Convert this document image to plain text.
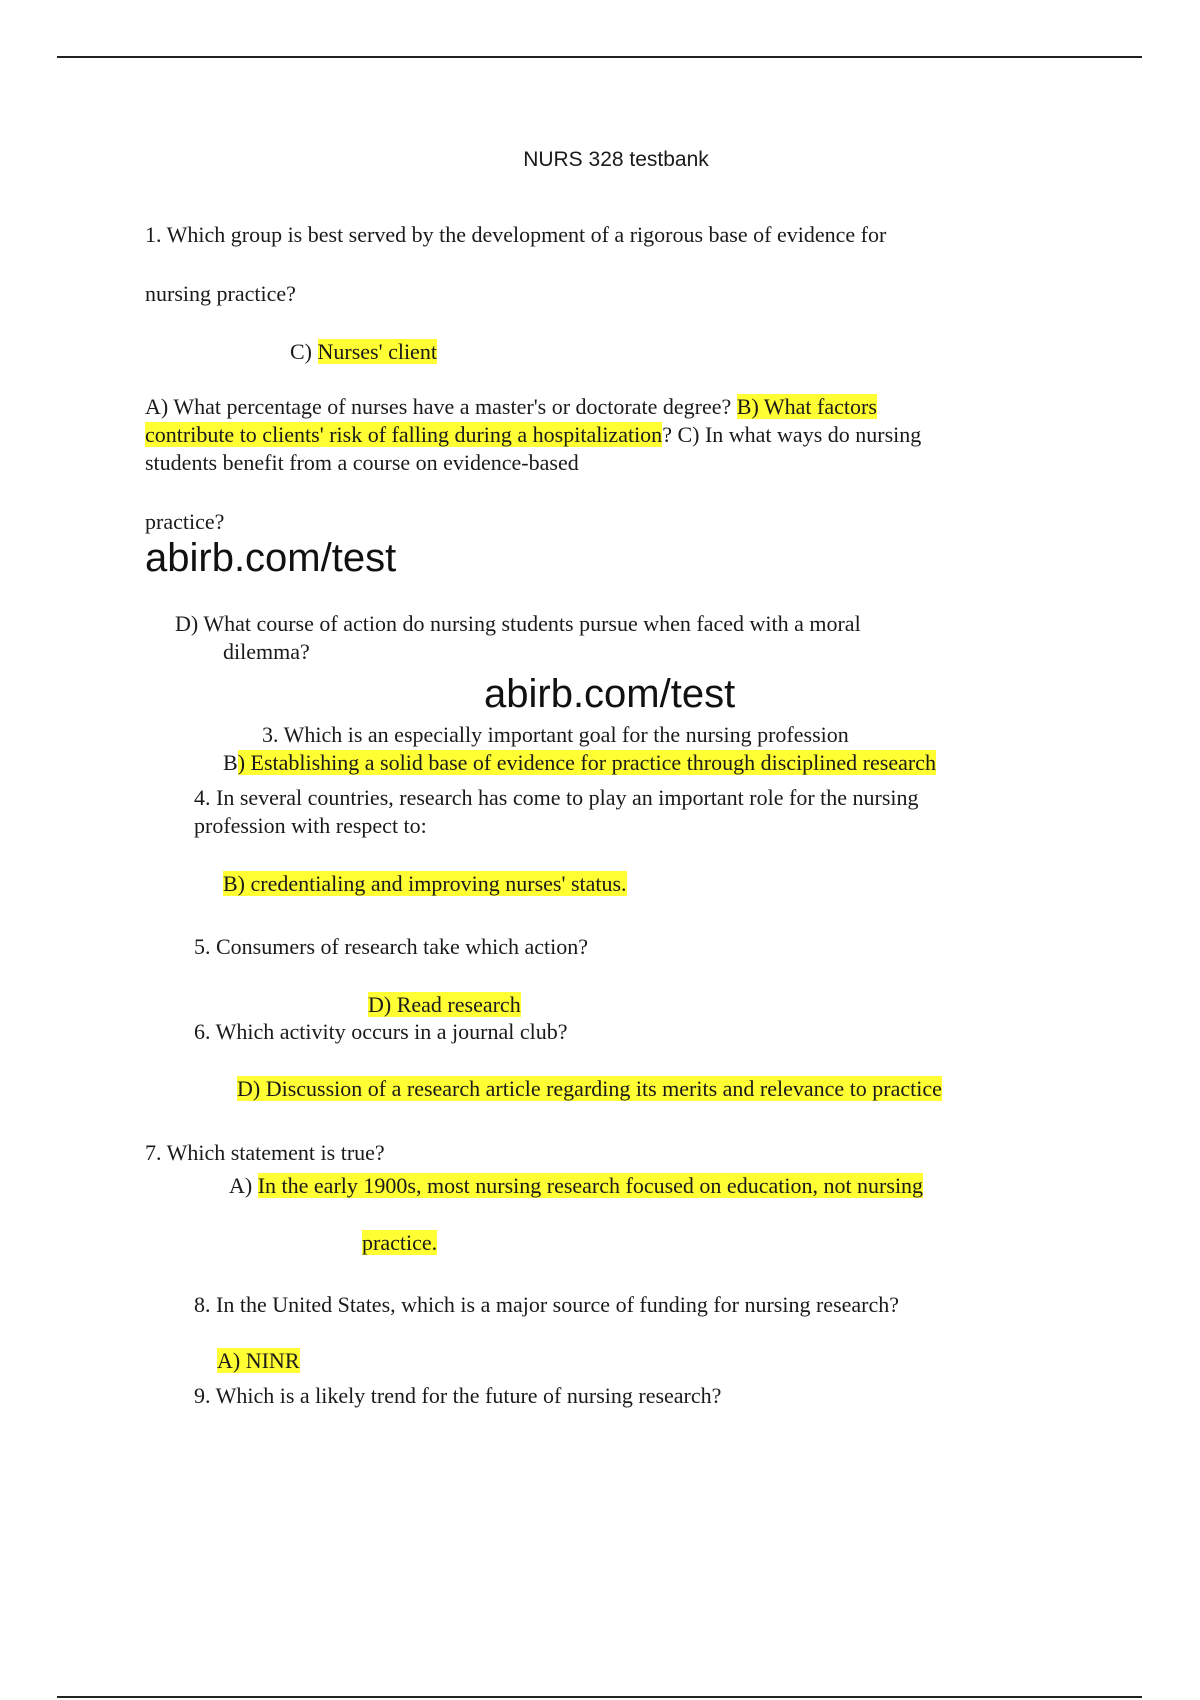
NURS 328 testbank
1. Which group is best served by the development of a rigorous base of evidence for
nursing practice?
C) Nurses' client
A) What percentage of nurses have a master's or doctorate degree? B) What factors
contribute to clients' risk of falling during a hospitalization? C) In what ways do nursing
students benefit from a course on evidence-based
practice?
abirb.com/test
D) What course of action do nursing students pursue when faced with a moral
dilemma?
abirb.com/test
3. Which is an especially important goal for the nursing profession
B) Establishing a solid base of evidence for practice through disciplined research
4. In several countries, research has come to play an important role for the nursing
profession with respect to:
B) credentialing and improving nurses' status.
5. Consumers of research take which action?
D) Read research
6. Which activity occurs in a journal club?
D) Discussion of a research article regarding its merits and relevance to practice
7. Which statement is true?
A) In the early 1900s, most nursing research focused on education, not nursing
practice.
8. In the United States, which is a major source of funding for nursing research?
A) NINR
9. Which is a likely trend for the future of nursing research?
